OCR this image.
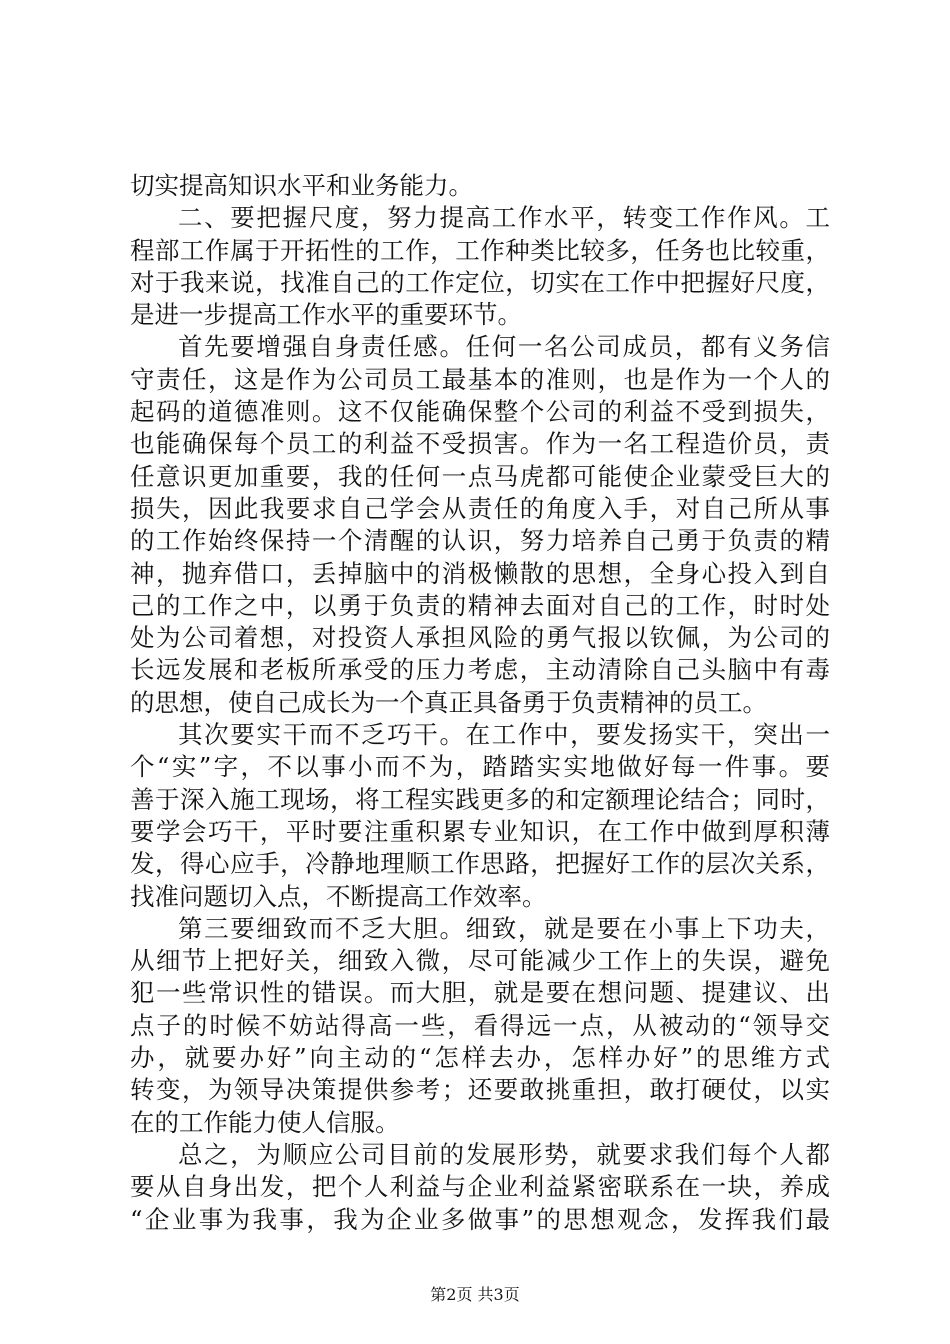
切实提高知识水平和业务能力。
二、要把握尺度，努力提高工作水平，转变工作作风。工
程部工作属于开拓性的工作，工作种类比较多，任务也比较重，
对于我来说，找准自己的工作定位，切实在工作中把握好尺度，
是进一步提高工作水平的重要环节。
首先要增强自身责任感。任何一名公司成员，都有义务信
守责任，这是作为公司员工最基本的准则，也是作为一个人的
起码的道德准则。这不仅能确保整个公司的利益不受到损失，
也能确保每个员工的利益不受损害。作为一名工程造价员，责
任意识更加重要，我的任何一点马虎都可能使企业蒙受巨大的
损失，因此我要求自己学会从责任的角度入手，对自己所从事
的工作始终保持一个清醒的认识，努力培养自己勇于负责的精
神，抛弃借口，丢掉脑中的消极懒散的思想，全身心投入到自
己的工作之中，以勇于负责的精神去面对自己的工作，时时处
处为公司着想，对投资人承担风险的勇气报以钦佩，为公司的
长远发展和老板所承受的压力考虑，主动清除自己头脑中有毒
的思想，使自己成长为一个真正具备勇于负责精神的员工。
其次要实干而不乏巧干。在工作中，要发扬实干，突出一
个“实”字，不以事小而不为，踏踏实实地做好每一件事。要
善于深入施工现场，将工程实践更多的和定额理论结合；同时，
要学会巧干，平时要注重积累专业知识，在工作中做到厚积薄
发，得心应手，冷静地理顺工作思路，把握好工作的层次关系，
找准问题切入点，不断提高工作效率。
第三要细致而不乏大胆。细致，就是要在小事上下功夫，
从细节上把好关，细致入微，尽可能减少工作上的失误，避免
犯一些常识性的错误。而大胆，就是要在想问题、提建议、出
点子的时候不妨站得高一些，看得远一点，从被动的“领导交
办，就要办好”向主动的“怎样去办，怎样办好”的思维方式
转变，为领导决策提供参考；还要敢挑重担，敢打硬仗，以实
在的工作能力使人信服。
总之，为顺应公司目前的发展形势，就要求我们每个人都
要从自身出发，把个人利益与企业利益紧密联系在一块，养成
“企业事为我事，我为企业多做事”的思想观念，发挥我们最
第2页 共3页
